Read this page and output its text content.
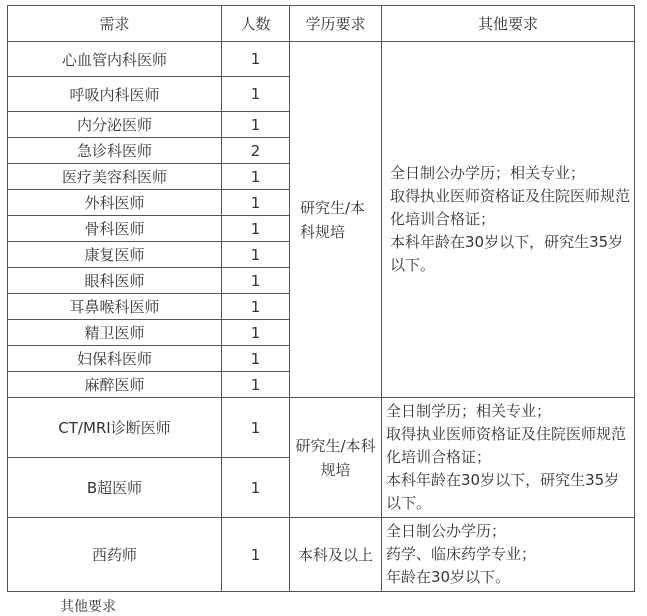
需求	人数	学历要求	其他要求
心血管内科医师	1	研究生/本科规培	全日制公办学历；相关专业；
取得执业医师资格证及住院医师规范化培训合格证；
本科年龄在30岁以下，研究生35岁以下。

呼吸内科医师	1		
内分泌医师	1		
急诊科医师	2		
医疗美容科医师	1		
外科医师	1		
骨科医师	1		
康复医师	1		
眼科医师	1		
耳鼻喉科医师	1		
精卫医师	1		
妇保科医师	1		
麻醉医师	1		
CT/MRI诊断医师	1	研究生/本科规培	全日制学历；相关专业；
取得执业医师资格证及住院医师规范化培训合格证；
本科年龄在30岁以下，研究生35岁以下。

B超医师	1		
西药师	1	本科及以上	全日制公办学历；
药学、临床药学专业；
年龄在30岁以下。
其他要求
